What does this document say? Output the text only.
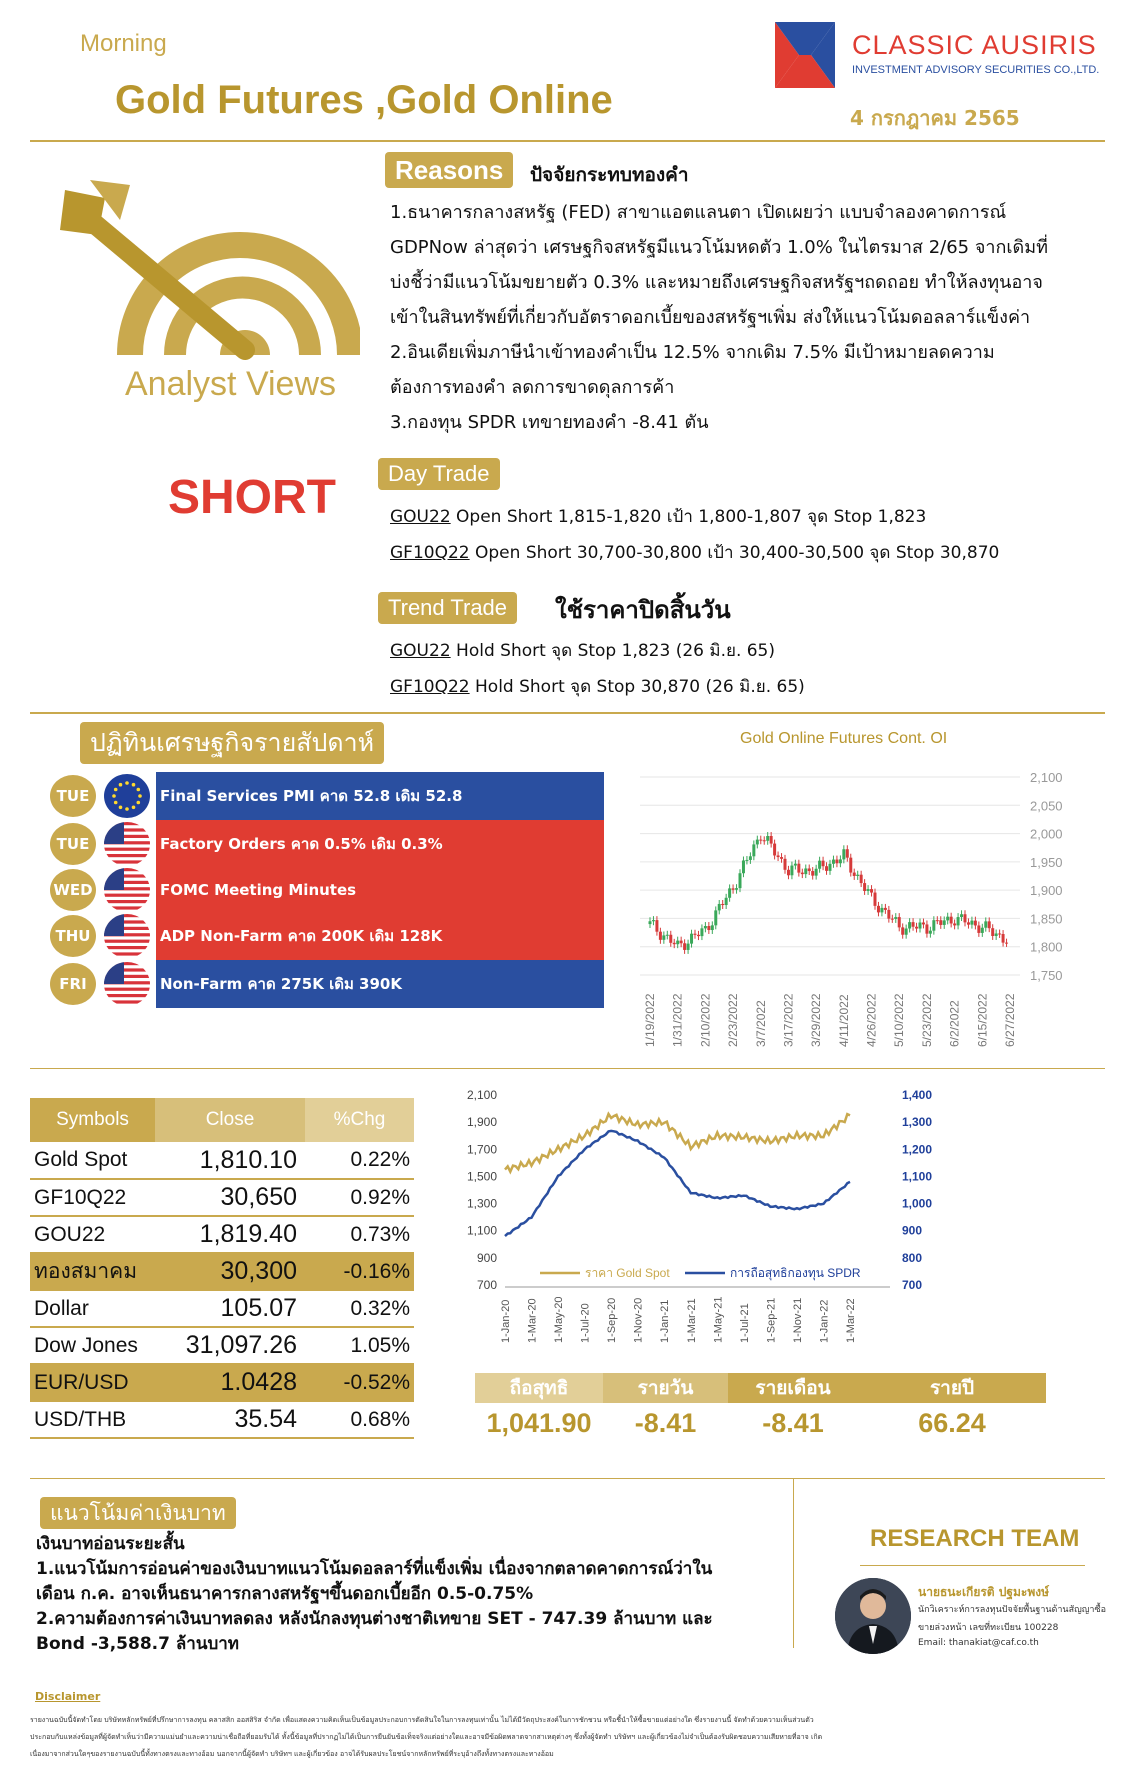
Morning
Gold Futures ,Gold Online
CLASSIC AUSIRIS
INVESTMENT ADVISORY SECURITIES CO.,LTD.
4 กรกฎาคม 2565
Analyst Views
SHORT
Reasons	ปัจจัยกระทบทองคำ
1.ธนาคารกลางสหรัฐ (FED) สาขาแอตแลนตา เปิดเผยว่า แบบจำลองคาดการณ์
GDPNow ล่าสุดว่า เศรษฐกิจสหรัฐมีแนวโน้มหดตัว 1.0% ในไตรมาส 2/65 จากเดิมที่
บ่งชี้ว่ามีแนวโน้มขยายตัว 0.3% และหมายถึงเศรษฐกิจสหรัฐฯถดถอย ทำให้ลงทุนอาจ
เข้าในสินทรัพย์ที่เกี่ยวกับอัตราดอกเบี้ยของสหรัฐฯเพิ่ม ส่งให้แนวโน้มดอลลาร์แข็งค่า
2.อินเดียเพิ่มภาษีนำเข้าทองคำเป็น 12.5% จากเดิม 7.5% มีเป้าหมายลดความ
ต้องการทองคำ ลดการขาดดุลการค้า
3.กองทุน SPDR เทขายทองคำ -8.41 ตัน
Day Trade
GOU22 Open Short 1,815-1,820 เป้า 1,800-1,807 จุด Stop 1,823
GF10Q22 Open Short 30,700-30,800 เป้า 30,400-30,500 จุด Stop 30,870
Trend Trade	ใช้ราคาปิดสิ้นวัน
GOU22 Hold Short จุด Stop 1,823 (26 มิ.ย. 65)
GF10Q22 Hold Short จุด Stop 30,870 (26 มิ.ย. 65)
ปฏิทินเศรษฐกิจรายสัปดาห์
TUE	Final Services PMI คาด 52.8 เดิม 52.8
TUE	Factory Orders คาด 0.5% เดิม 0.3%
WED	FOMC Meeting Minutes
THU	ADP Non-Farm คาด 200K เดิม 128K
FRI	Non-Farm คาด 275K เดิม 390K
Gold Online Futures Cont. OI
2,100
2,050
2,000
1,950
1,900
1,850
1,800
1,750
1/19/2022 1/31/2022 2/10/2022 2/23/2022 3/7/2022 3/17/2022 3/29/2022 4/11/2022 4/26/2022 5/10/2022 5/23/2022 6/2/2022 6/15/2022 6/27/2022
Symbols	Close	%Chg
Gold Spot	1,810.10	0.22%
GF10Q22	30,650	0.92%
GOU22	1,819.40	0.73%
ทองสมาคม	30,300	-0.16%
Dollar	105.07	0.32%
Dow Jones	31,097.26	1.05%
EUR/USD	1.0428	-0.52%
USD/THB	35.54	0.68%
2,100
1,900
1,700
1,500
1,300
1,100
900
700
1,400
1,300
1,200
1,100
1,000
900
800
700
1-Jan-20 1-Mar-20 1-May-20 1-Jul-20 1-Sep-20 1-Nov-20 1-Jan-21 1-Mar-21 1-May-21 1-Jul-21 1-Sep-21 1-Nov-21 1-Jan-22 1-Mar-22
ราคา Gold Spot	การถือสุทธิกองทุน SPDR
ถือสุทธิ	รายวัน	รายเดือน	รายปี
1,041.90	-8.41	-8.41	66.24
แนวโน้มค่าเงินบาท
เงินบาทอ่อนระยะสั้น
1.แนวโน้มการอ่อนค่าของเงินบาทแนวโน้มดอลลาร์ที่แข็งเพิ่ม เนื่องจากตลาดคาดการณ์ว่าใน
เดือน ก.ค. อาจเห็นธนาคารกลางสหรัฐฯขึ้นดอกเบี้ยอีก 0.5-0.75%
2.ความต้องการค่าเงินบาทลดลง หลังนักลงทุนต่างชาติเทขาย SET - 747.39 ล้านบาท และ
Bond -3,588.7 ล้านบาท
RESEARCH TEAM
นายธนะเกียรติ ปฐมะพงษ์
นักวิเคราะห์การลงทุนปัจจัยพื้นฐานด้านสัญญาซื้อ
ขายล่วงหน้า เลขที่ทะเบียน 100228
Email: thanakiat@caf.co.th
Disclaimer
รายงานฉบับนี้จัดทำโดย บริษัทหลักทรัพย์ที่ปรึกษาการลงทุน คลาสสิก ออสสิริส จำกัด เพื่อแสดงความคิดเห็นเป็นข้อมูลประกอบการตัดสินใจในการลงทุนเท่านั้น ไม่ได้มีวัตถุประสงค์ในการชักชวน หรือชี้นำให้ซื้อขายแต่อย่างใด ซึ่งรายงานนี้ จัดทำด้วยความเห็นส่วนตัว
ประกอบกับแหล่งข้อมูลที่ผู้จัดทำเห็นว่ามีความแม่นยำและความน่าเชื่อถือที่ยอมรับได้ ทั้งนี้ข้อมูลที่ปรากฏไม่ได้เป็นการยืนยันข้อเท็จจริงแต่อย่างใดและอาจมีข้อผิดพลาดจากสาเหตุต่างๆ ซึ่งทั้งผู้จัดทำ บริษัทฯ และผู้เกี่ยวข้องไม่จำเป็นต้องรับผิดชอบความเสียหายที่อาจ เกิด
เนื่องมาจากส่วนใดๆของรายงานฉบับนี้ทั้งทางตรงและทางอ้อม นอกจากนี้ผู้จัดทำ บริษัทฯ และผู้เกี่ยวข้อง อาจได้รับผลประโยชน์จากหลักทรัพย์ที่ระบุอ้างถึงทั้งทางตรงและทางอ้อม
